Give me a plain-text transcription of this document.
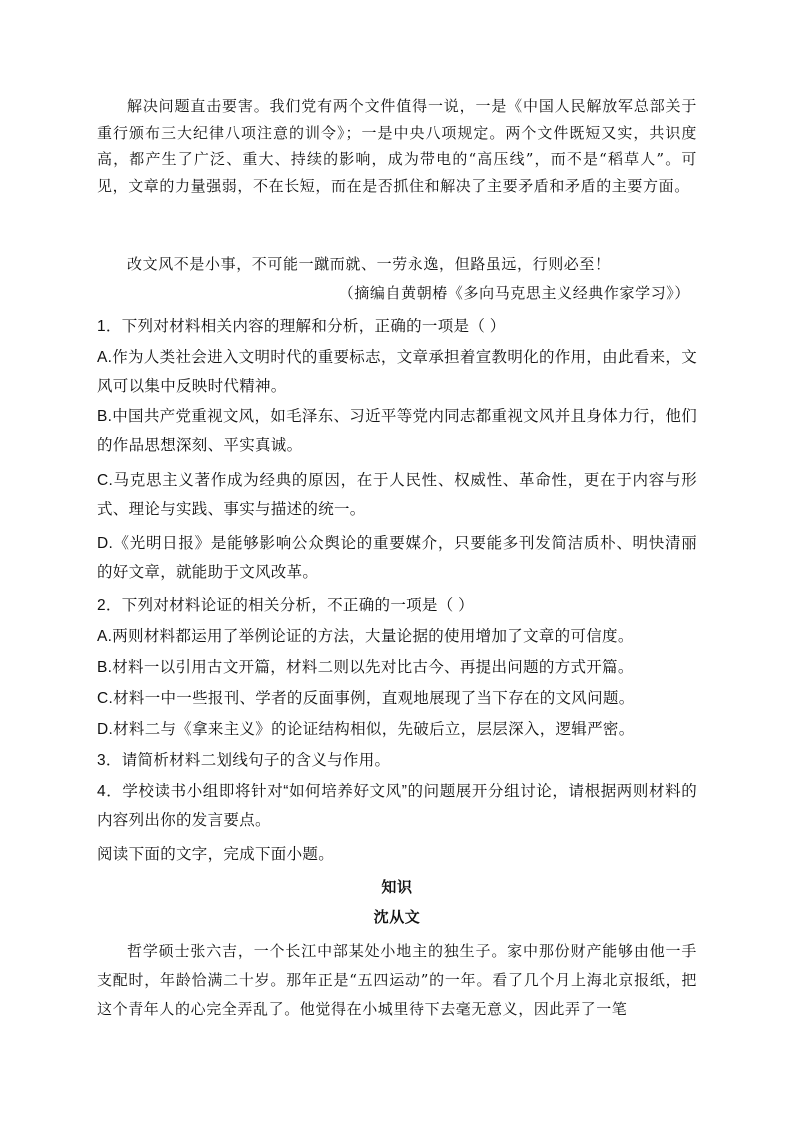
解决问题直击要害。我们党有两个文件值得一说，一是《中国人民解放军总部关于重行颁布三大纪律八项注意的训令》；一是中央八项规定。两个文件既短又实，共识度高，都产生了广泛、重大、持续的影响，成为带电的“高压线”，而不是“稻草人”。可见，文章的力量强弱，不在长短，而在是否抓住和解决了主要矛盾和矛盾的主要方面。

改文风不是小事，不可能一蹴而就、一劳永逸，但路虽远，行则必至！

（摘编自黄朝椿《多向马克思主义经典作家学习》）

1．下列对材料相关内容的理解和分析，正确的一项是（ ）

A.作为人类社会进入文明时代的重要标志，文章承担着宣教明化的作用，由此看来，文风可以集中反映时代精神。

B.中国共产党重视文风，如毛泽东、习近平等党内同志都重视文风并且身体力行，他们的作品思想深刻、平实真诚。

C.马克思主义著作成为经典的原因，在于人民性、权威性、革命性，更在于内容与形式、理论与实践、事实与描述的统一。

D.《光明日报》是能够影响公众舆论的重要媒介，只要能多刊发简洁质朴、明快清丽的好文章，就能助于文风改革。

2．下列对材料论证的相关分析，不正确的一项是（ ）

A.两则材料都运用了举例论证的方法，大量论据的使用增加了文章的可信度。

B.材料一以引用古文开篇，材料二则以先对比古今、再提出问题的方式开篇。

C.材料一中一些报刊、学者的反面事例，直观地展现了当下存在的文风问题。

D.材料二与《拿来主义》的论证结构相似，先破后立，层层深入，逻辑严密。

3．请简析材料二划线句子的含义与作用。

4．学校读书小组即将针对“如何培养好文风”的问题展开分组讨论，请根据两则材料的内容列出你的发言要点。

阅读下面的文字，完成下面小题。

知识

沈从文

哲学硕士张六吉，一个长江中部某处小地主的独生子。家中那份财产能够由他一手支配时，年龄恰满二十岁。那年正是“五四运动”的一年。看了几个月上海北京报纸，把这个青年人的心完全弄乱了。他觉得在小城里待下去毫无意义，因此弄了一笔
